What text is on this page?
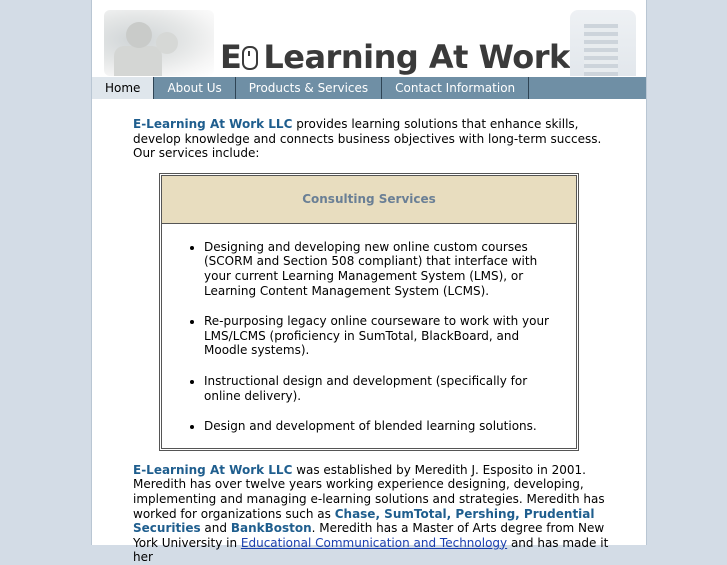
E Learning At Work
Home	About Us	Products & Services	Contact Information

E-Learning At Work LLC provides learning solutions that enhance skills, develop knowledge and connects business objectives with long-term success. Our services include:

Consulting Services
• Designing and developing new online custom courses (SCORM and Section 508 compliant) that interface with your current Learning Management System (LMS), or Learning Content Management System (LCMS).
• Re-purposing legacy online courseware to work with your LMS/LCMS (proficiency in SumTotal, BlackBoard, and Moodle systems).
• Instructional design and development (specifically for online delivery).
• Design and development of blended learning solutions.

E-Learning At Work LLC was established by Meredith J. Esposito in 2001. Meredith has over twelve years working experience designing, developing, implementing and managing e-learning solutions and strategies. Meredith has worked for organizations such as Chase, SumTotal, Pershing, Prudential Securities and BankBoston. Meredith has a Master of Arts degree from New York University in Educational Communication and Technology and has made it her
